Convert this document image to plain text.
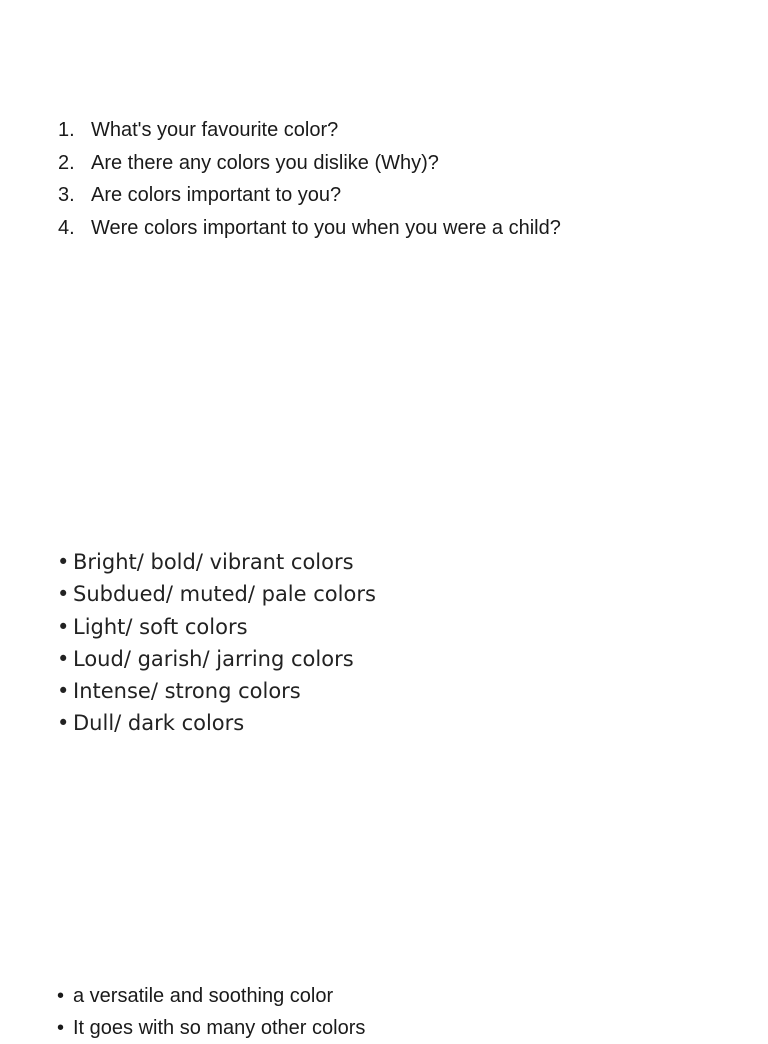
1. What's your favourite color?
2. Are there any colors you dislike (Why)?
3. Are colors important to you?
4. Were colors important to you when you were a child?
• Bright/ bold/ vibrant colors
• Subdued/ muted/ pale colors
• Light/ soft colors
• Loud/ garish/ jarring colors
• Intense/ strong colors
• Dull/ dark colors
• a versatile and soothing color
• It goes with so many other colors
